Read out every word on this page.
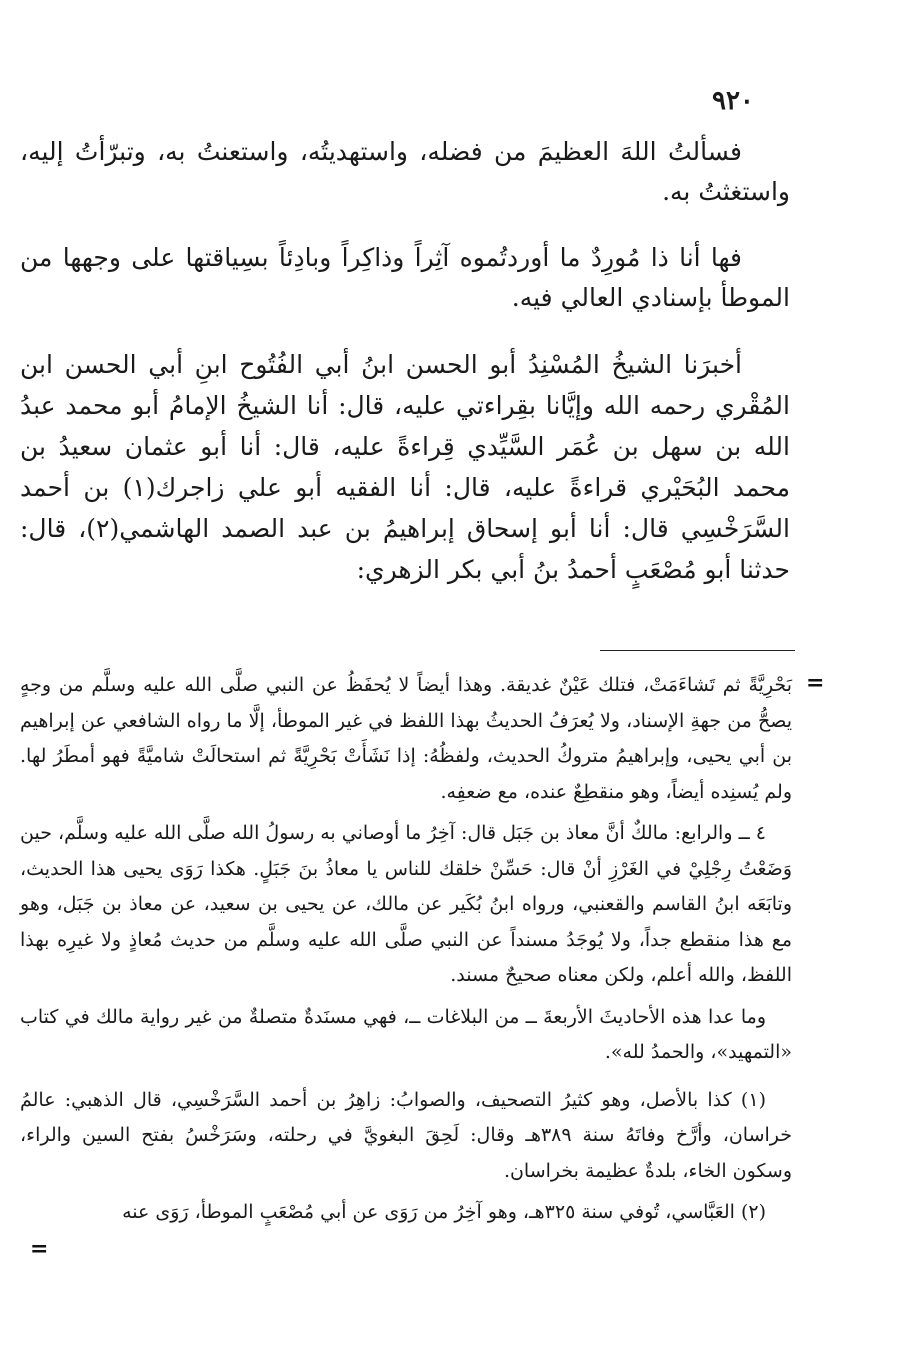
٩٢٠

فسألتُ اللهَ العظيمَ من فضله، واستهديتُه، واستعنتُ به، وتبرّأتُ إليه، واستغثتُ به.

فها أنا ذا مُورِدٌ ما أوردتُموه آثِراً وذاكِراً وبادِئاً بسِياقتها على وجهها من الموطأ بإسنادي العالي فيه.

أخبرَنا الشيخُ المُسْنِدُ أبو الحسن ابنُ أبي الفُتُوح ابنِ أبي الحسن ابن المُقْري رحمه الله وإيَّانا بقِراءتي عليه، قال: أنا الشيخُ الإمامُ أبو محمد عبدُ الله بن سهل بن عُمَر السَّيِّدي قِراءةً عليه، قال: أنا أبو عثمان سعيدُ بن محمد البُحَيْري قراءةً عليه، قال: أنا الفقيه أبو علي زاجرك(١) بن أحمد السَّرَخْسِي قال: أنا أبو إسحاق إبراهيمُ بن عبد الصمد الهاشمي(٢)، قال: حدثنا أبو مُصْعَبٍ أحمدُ بنُ أبي بكر الزهري:

=

بَحْرِيَّةً ثم تَشاءَمَتْ، فتلك عَيْنٌ غديقة. وهذا أيضاً لا يُحفَظُ عن النبي صلَّى الله عليه وسلَّم من وجهٍ يصحُّ من جهةِ الإسناد، ولا يُعرَفُ الحديثُ بهذا اللفظ في غير الموطأ، إلَّا ما رواه الشافعي عن إبراهيم بن أبي يحيى، وإبراهيمُ متروكُ الحديث، ولفظُهُ: إذا نَشَأَتْ بَحْرِيَّةً ثم استحالَتْ شاميَّةً فهو أمطَرُ لها. ولم يُسنِده أيضاً، وهو منقطِعٌ عنده، مع ضعفِه.

٤ ــ والرابع: مالكٌ أنَّ معاذ بن جَبَل قال: آخِرُ ما أوصاني به رسولُ الله صلَّى الله عليه وسلَّم، حين وَضَعْتُ رِجْلِيْ في الغَرْزِ أنْ قال: حَسِّنْ خلقك للناس يا معاذُ بنَ جَبَلٍ. هكذا رَوَى يحيى هذا الحديث، وتابَعَه ابنُ القاسم والقعنبي، ورواه ابنُ بُكَير عن مالك، عن يحيى بن سعيد، عن معاذ بن جَبَل، وهو مع هذا منقطع جداً، ولا يُوجَدُ مسنداً عن النبي صلَّى الله عليه وسلَّم من حديث مُعاذٍ ولا غيرِه بهذا اللفظ، والله أعلم، ولكن معناه صحيحٌ مسند.

وما عدا هذه الأحاديثَ الأربعةَ ــ من البلاغات ــ، فهي مسنَدةٌ متصلةٌ من غير رواية مالك في كتاب «التمهيد»، والحمدُ لله».

(١) كذا بالأصل، وهو كثيرُ التصحيف، والصوابُ: زاهِرُ بن أحمد السَّرَخْسِي، قال الذهبي: عالمُ خراسان، وأرَّخ وفاتَهُ سنة ٣٨٩هـ وقال: لَحِقَ البغويَّ في رحلته، وسَرَخْسُ بفتح السين والراء، وسكون الخاء، بلدةٌ عظيمة بخراسان.

(٢) العَبَّاسي، تُوفي سنة ٣٢٥هـ، وهو آخِرُ من رَوَى عن أبي مُصْعَبٍ الموطأ، رَوَى عنه

=
